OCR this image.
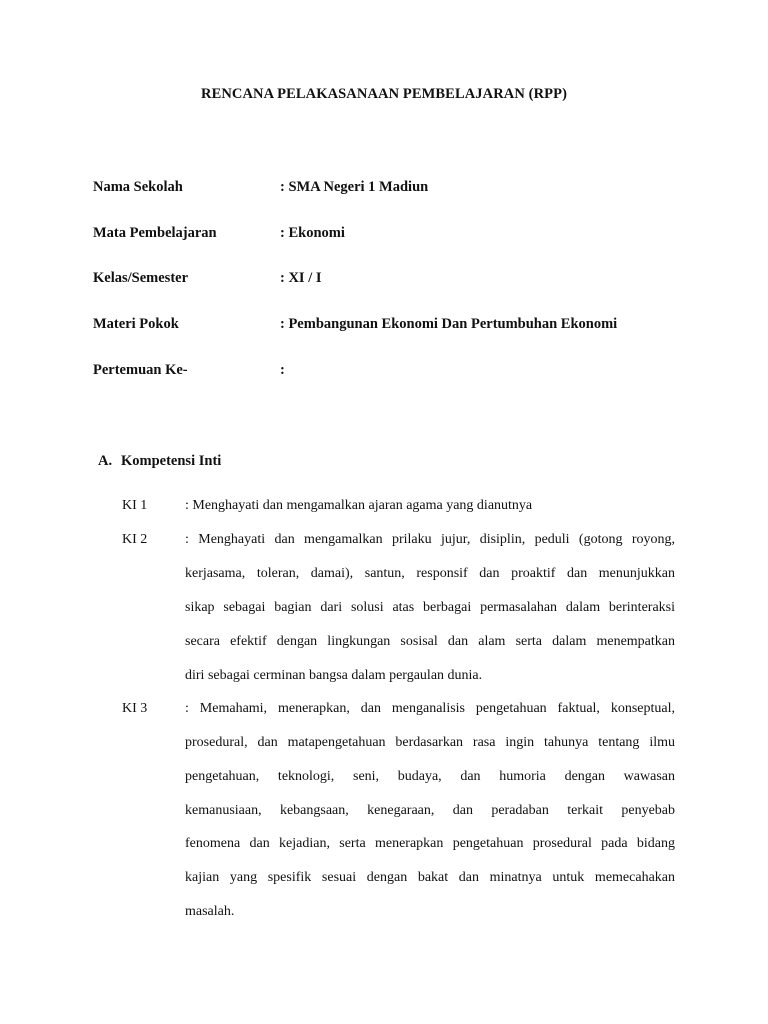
RENCANA PELAKASANAAN PEMBELAJARAN (RPP)
Nama Sekolah	: SMA Negeri 1 Madiun
Mata Pembelajaran	: Ekonomi
Kelas/Semester	: XI / I
Materi Pokok	: Pembangunan Ekonomi Dan Pertumbuhan Ekonomi
Pertemuan Ke-	:
A. Kompetensi Inti
KI 1	: Menghayati dan mengamalkan ajaran agama yang dianutnya
KI 2	: Menghayati dan mengamalkan prilaku jujur, disiplin, peduli (gotong royong,
kerjasama, toleran, damai), santun, responsif dan proaktif dan menunjukkan
sikap sebagai bagian dari solusi atas berbagai permasalahan dalam berinteraksi
secara efektif dengan lingkungan sosisal dan alam serta dalam menempatkan
diri sebagai cerminan bangsa dalam pergaulan dunia.
KI 3	: Memahami, menerapkan, dan menganalisis pengetahuan faktual, konseptual,
prosedural, dan matapengetahuan berdasarkan rasa ingin tahunya tentang ilmu
pengetahuan, teknologi, seni, budaya, dan humoria dengan wawasan
kemanusiaan, kebangsaan, kenegaraan, dan peradaban terkait penyebab
fenomena dan kejadian, serta menerapkan pengetahuan prosedural pada bidang
kajian yang spesifik sesuai dengan bakat dan minatnya untuk memecahakan
masalah.
